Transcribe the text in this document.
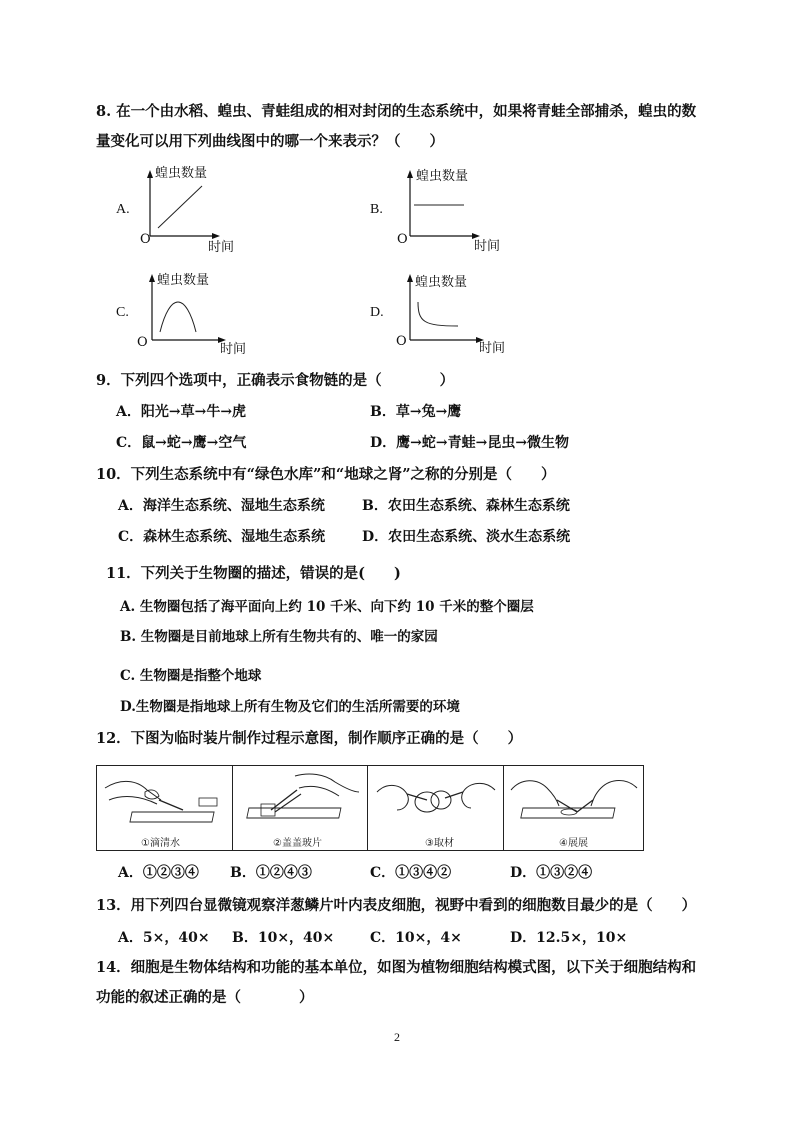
8. 在一个由水稻、蝗虫、青蛙组成的相对封闭的生态系统中，如果将青蛙全部捕杀，蝗虫的数
量变化可以用下列曲线图中的哪一个来表示？（　　）
A.
蝗虫数量
O
时间
B.
蝗虫数量
O	时间
C.
蝗虫数量
O	时间
D.
蝗虫数量
O	时间
9．下列四个选项中，正确表示食物链的是（　　　　）
A．阳光→草→牛→虎	B．草→兔→鹰
C．鼠→蛇→鹰→空气	D．鹰→蛇→青蛙→昆虫→微生物
10．下列生态系统中有“绿色水库”和“地球之肾”之称的分别是（　　）
A．海洋生态系统、湿地生态系统	B．农田生态系统、森林生态系统
C．森林生态系统、湿地生态系统	D．农田生态系统、淡水生态系统
11．下列关于生物圈的描述，错误的是(　　)
A. 生物圈包括了海平面向上约 10 千米、向下约 10 千米的整个圈层
B. 生物圈是目前地球上所有生物共有的、唯一的家园
C. 生物圈是指整个地球
D.生物圈是指地球上所有生物及它们的生活所需要的环境
12．下图为临时装片制作过程示意图，制作顺序正确的是（　　）
①滴清水	②盖盖玻片	③取材	④展展
A．①②③④ B．①②④③	C．①③④②	D．①③②④
13．用下列四台显微镜观察洋葱鳞片叶内表皮细胞，视野中看到的细胞数目最少的是（　　）
A．5×，40× B．10×，40×	C．10×，4×	D．12.5×，10×
14．细胞是生物体结构和功能的基本单位，如图为植物细胞结构模式图，以下关于细胞结构和
功能的叙述正确的是（　　　　）
2
